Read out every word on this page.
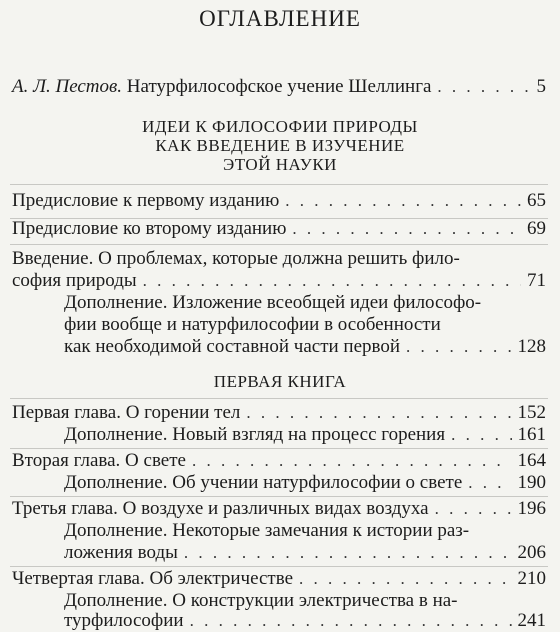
ОГЛАВЛЕНИЕ
А. Л. Пестов. Натурфилософское учение Шеллинга . . .	5
ИДЕИ К ФИЛОСОФИИ ПРИРОДЫ
КАК ВВЕДЕНИЕ В ИЗУЧЕНИЕ
ЭТОЙ НАУКИ
Предисловие к первому изданию . . .	65
Предисловие ко второму изданию . . .	69
Введение. О проблемах, которые должна решить фило-
софия природы . . .	71
Дополнение. Изложение всеобщей идеи философо-
фии вообще и натурфилософии в особенности
как необходимой составной части первой . . .	128
ПЕРВАЯ КНИГА
Первая глава. О горении тел . . .	152
Дополнение. Новый взгляд на процесс горения . . .	161
Вторая глава. О свете . . .	164
Дополнение. Об учении натурфилософии о свете . . .	190
Третья глава. О воздухе и различных видах воздуха . . .	196
Дополнение. Некоторые замечания к истории раз-
ложения воды . . .	206
Четвертая глава. Об электричестве . . .	210
Дополнение. О конструкции электричества в на-
турфилософии . . .	241
